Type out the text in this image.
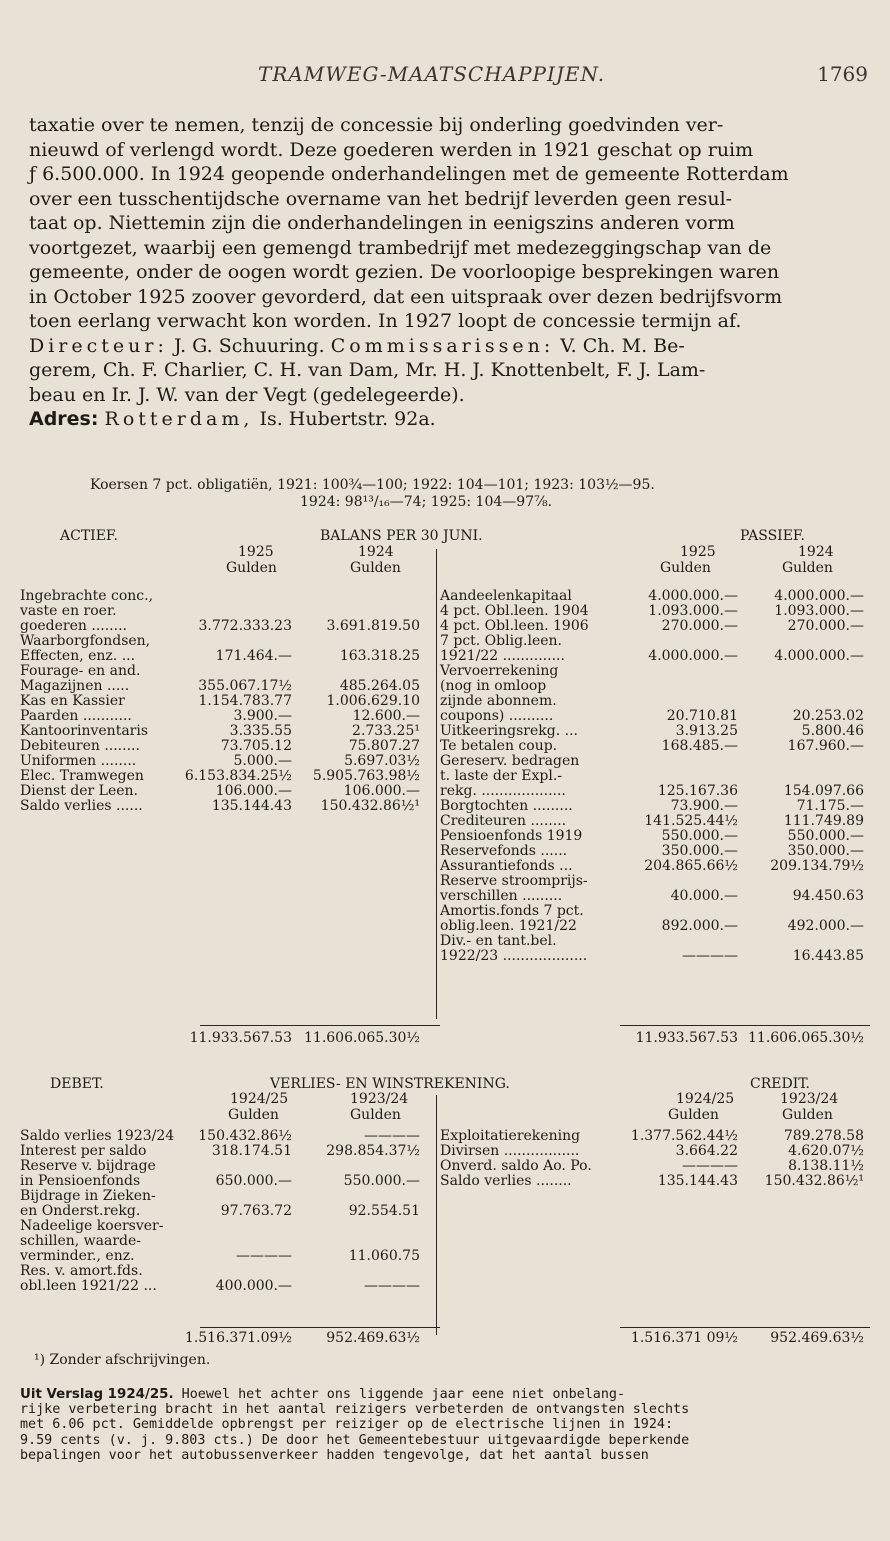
TRAMWEG-MAATSCHAPPIJEN.	1769

taxatie over te nemen, tenzij de concessie bij onderling goedvinden ver-

nieuwd of verlengd wordt. Deze goederen werden in 1921 geschat op ruim

ƒ 6.500.000. In 1924 geopende onderhandelingen met de gemeente Rotterdam

over een tusschentijdsche overname van het bedrijf leverden geen resul-

taat op. Niettemin zijn die onderhandelingen in eenigszins anderen vorm

voortgezet, waarbij een gemengd trambedrijf met medezeggingschap van de

gemeente, onder de oogen wordt gezien. De voorloopige besprekingen waren

in October 1925 zoover gevorderd, dat een uitspraak over dezen bedrijfsvorm

toen eerlang verwacht kon worden. In 1927 loopt de concessie termijn af.

Directeur: J. G. Schuuring. Commissarissen: V. Ch. M. Be-

gerem, Ch. F. Charlier, C. H. van Dam, Mr. H. J. Knottenbelt, F. J. Lam-

beau en Ir. J. W. van der Vegt (gedelegeerde).

Adres: Rotterdam, Is. Hubertstr. 92a.

Koersen 7 pct. obligatiën, 1921: 100¾—100; 1922: 104—101; 1923: 103½—95.
1924: 98¹³/₁₆—74; 1925: 104—97⅞.
ACTIEF.	BALANS PER 30 JUNI.	PASSIEF.
1925	1924
Gulden	Gulden
1925	1924
Gulden	Gulden
Ingebrachte conc.,
vaste en roer.
goederen ........	3.772.333.23	3.691.819.50
Waarborgfondsen,
Effecten, enz. ...	171.464.—	163.318.25
Fourage- en and.
Magazijnen .....	355.067.17½	485.264.05
Kas en Kassier	1.154.783.77	1.006.629.10
Paarden ...........	3.900.—	12.600.—
Kantoorinventaris	3.335.55	2.733.25¹
Debiteuren ........	73.705.12	75.807.27
Uniformen ........	5.000.—	5.697.03½
Elec. Tramwegen	6.153.834.25½	5.905.763.98½
Dienst der Leen.	106.000.—	106.000.—
Saldo verlies ......	135.144.43	150.432.86½¹
Aandeelenkapitaal	4.000.000.—	4.000.000.—
4 pct. Obl.leen. 1904	1.093.000.—	1.093.000.—
4 pct. Obl.leen. 1906	270.000.—	270.000.—
7 pct. Oblig.leen.
1921/22 ..............	4.000.000.—	4.000.000.—
Vervoerrekening
(nog in omloop
zijnde abonnem.
coupons) ..........	20.710.81	20.253.02
Uitkeeringsrekg. ...	3.913.25	5.800.46
Te betalen coup.	168.485.—	167.960.—
Gereserv. bedragen
t. laste der Expl.-
rekg. ...................	125.167.36	154.097.66
Borgtochten .........	73.900.—	71.175.—
Crediteuren ........	141.525.44½	111.749.89
Pensioenfonds 1919	550.000.—	550.000.—
Reservefonds ......	350.000.—	350.000.—
Assurantiefonds ...	204.865.66½	209.134.79½
Reserve stroomprijs-
verschillen .........	40.000.—	94.450.63
Amortis.fonds 7 pct.
oblig.leen. 1921/22	892.000.—	492.000.—
Div.- en tant.bel.
1922/23 ...................	————	16.443.85
11.933.567.53 11.606.065.30½	11.933.567.53 11.606.065.30½
DEBET.	VERLIES- EN WINSTREKENING.	CREDIT.
1924/25	1923/24
Gulden	Gulden
1924/25	1923/24
Gulden	Gulden
Saldo verlies 1923/24	150.432.86½	————
Interest per saldo	318.174.51	298.854.37½
Reserve v. bijdrage
in Pensioenfonds	650.000.—	550.000.—
Bijdrage in Zieken-
en Onderst.rekg.	97.763.72	92.554.51
Nadeelige koersver-
schillen, waarde-
verminder., enz.	————	11.060.75
Res. v. amort.fds.
obl.leen 1921/22 ...	400.000.—	————
Exploitatierekening	1.377.562.44½	789.278.58
Divirsen .................	3.664.22	4.620.07½
Onverd. saldo Ao. Po.	————	8.138.11½
Saldo verlies ........	135.144.43	150.432.86½¹
1.516.371.09½	952.469.63½	1.516.371 09½	952.469.63½
¹) Zonder afschrijvingen.

Uit Verslag 1924/25. Hoewel het achter ons liggende jaar eene niet onbelang-

rijke verbetering bracht in het aantal reizigers verbeterden de ontvangsten slechts

met 6.06 pct. Gemiddelde opbrengst per reiziger op de electrische lijnen in 1924:

9.59 cents (v. j. 9.803 cts.) De door het Gemeentebestuur uitgevaardigde beperkende

bepalingen voor het autobussenverkeer hadden tengevolge, dat het aantal bussen
